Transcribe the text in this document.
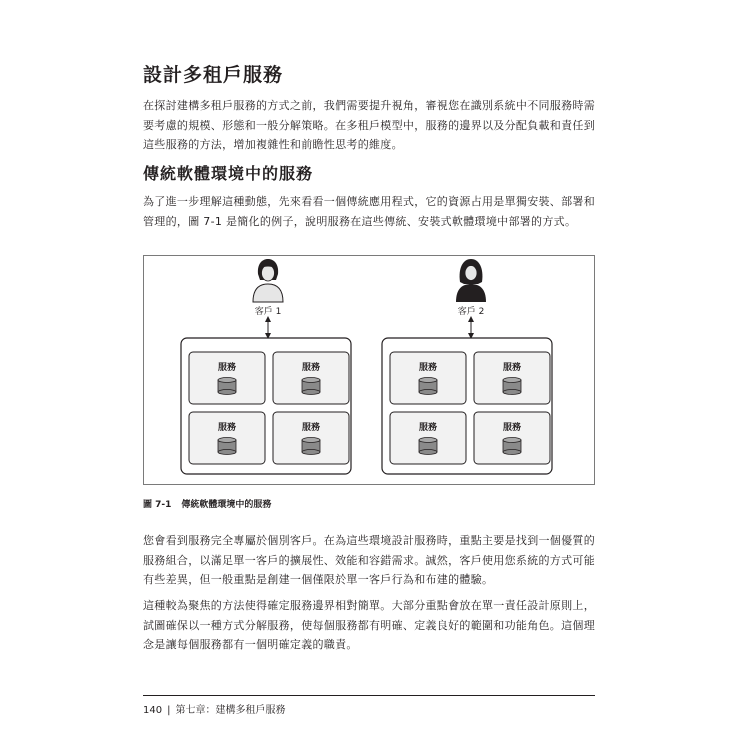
設計多租戶服務
在探討建構多租戶服務的方式之前，我們需要提升視角，審視您在識別系統中不同服務時需要考慮的規模、形態和一般分解策略。在多租戶模型中，服務的邊界以及分配負載和責任到這些服務的方法，增加複雜性和前瞻性思考的維度。
傳統軟體環境中的服務
為了進一步理解這種動態，先來看看一個傳統應用程式，它的資源占用是單獨安裝、部署和管理的，圖 7-1 是簡化的例子，說明服務在這些傳統、安裝式軟體環境中部署的方式。
客戶 1	客戶 2
服務	服務
服務	服務
服務	服務
服務	服務
圖 7-1 傳統軟體環境中的服務
您會看到服務完全專屬於個別客戶。在為這些環境設計服務時，重點主要是找到一個優質的服務組合，以滿足單一客戶的擴展性、效能和容錯需求。誠然，客戶使用您系統的方式可能有些差異，但一般重點是創建一個僅限於單一客戶行為和布建的體驗。
這種較為聚焦的方法使得確定服務邊界相對簡單。大部分重點會放在單一責任設計原則上，試圖確保以一種方式分解服務，使每個服務都有明確、定義良好的範圍和功能角色。這個理念是讓每個服務都有一個明確定義的職責。
140 | 第七章：建構多租戶服務
